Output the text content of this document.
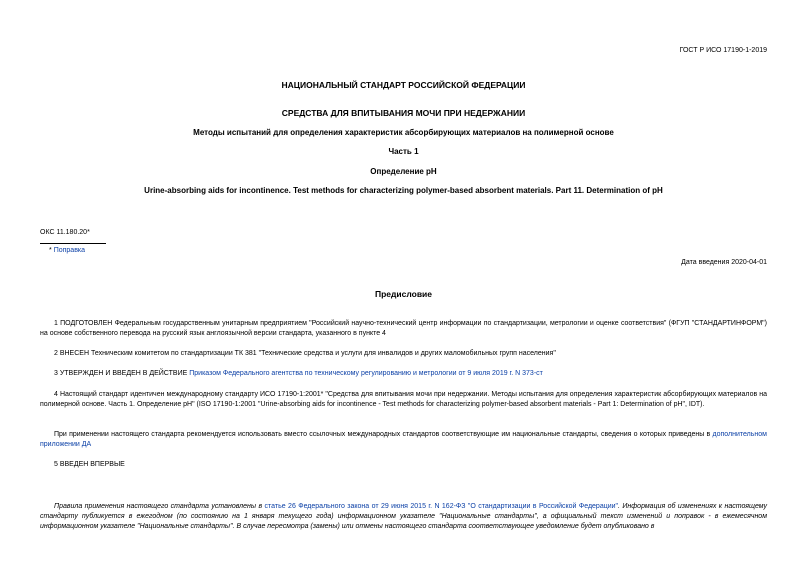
ГОСТ Р ИСО 17190-1-2019
НАЦИОНАЛЬНЫЙ СТАНДАРТ РОССИЙСКОЙ ФЕДЕРАЦИИ
СРЕДСТВА ДЛЯ ВПИТЫВАНИЯ МОЧИ ПРИ НЕДЕРЖАНИИ
Методы испытаний для определения характеристик абсорбирующих материалов на полимерной основе
Часть 1
Определение pH
Urine-absorbing aids for incontinence. Test methods for characterizing polymer-based absorbent materials. Part 11. Determination of pH
ОКС 11.180.20*
* Поправка
Дата введения 2020-04-01
Предисловие
1 ПОДГОТОВЛЕН Федеральным государственным унитарным предприятием "Российский научно-технический центр информации по стандартизации, метрологии и оценке соответствия" (ФГУП "СТАНДАРТИНФОРМ") на основе собственного перевода на русский язык англоязычной версии стандарта, указанного в пункте 4
2 ВНЕСЕН Техническим комитетом по стандартизации ТК 381 "Технические средства и услуги для инвалидов и других маломобильных групп населения"
3 УТВЕРЖДЕН И ВВЕДЕН В ДЕЙСТВИЕ Приказом Федерального агентства по техническому регулированию и метрологии от 9 июля 2019 г. N 373-ст
4 Настоящий стандарт идентичен международному стандарту ИСО 17190-1:2001* "Средства для впитывания мочи при недержании. Методы испытания для определения характеристик абсорбирующих материалов на полимерной основе. Часть 1. Определение pH" (ISO 17190-1:2001 "Urine-absorbing aids for incontinence - Test methods for characterizing polymer-based absorbent materials - Part 1: Determination of pH", IDT).
При применении настоящего стандарта рекомендуется использовать вместо ссылочных международных стандартов соответствующие им национальные стандарты, сведения о которых приведены в дополнительном приложении ДА
5 ВВЕДЕН ВПЕРВЫЕ
Правила применения настоящего стандарта установлены в статье 26 Федерального закона от 29 июня 2015 г. N 162-ФЗ "О стандартизации в Российской Федерации". Информация об изменениях к настоящему стандарту публикуется в ежегодном (по состоянию на 1 января текущего года) информационном указателе "Национальные стандарты", а официальный текст изменений и поправок - в ежемесячном информационном указателе "Национальные стандарты". В случае пересмотра (замены) или отмены настоящего стандарта соответствующее уведомление будет опубликовано в
